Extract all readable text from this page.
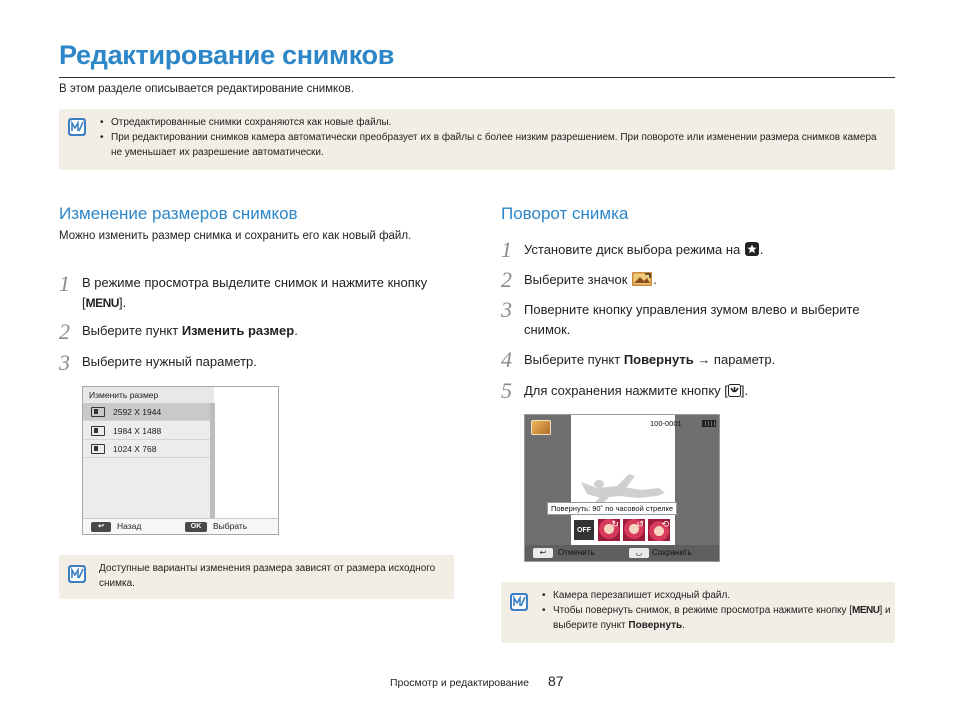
Редактирование снимков
В этом разделе описывается редактирование снимков.
• Отредактированные снимки сохраняются как новые файлы.
• При редактировании снимков камера автоматически преобразует их в файлы с более низким разрешением. При повороте или изменении размера снимков камера не уменьшает их разрешение автоматически.
Изменение размеров снимков
Можно изменить размер снимка и сохранить его как новый файл.
1 В режиме просмотра выделите снимок и нажмите кнопку [MENU].
2 Выберите пункт Изменить размер.
3 Выберите нужный параметр.
Изменить размер
2592 X 1944
1984 X 1488
1024 X 768
↩	Назад	OK	Выбрать

Доступные варианты изменения размера зависят от размера исходного снимка.

Поворот снимка
1 Установите диск выбора режима на .
2 Выберите значок .
3 Поверните кнопку управления зумом влево и выберите снимок.
4 Выберите пункт Повернуть → параметр.
5 Для сохранения нажмите кнопку [ ].
100-0001
Повернуть: 90˚ по часовой стрелке
OFF
↻ ↺ ⟲
↩	Отменить	◡	Сохранить
• Камера перезапишет исходный файл.
• Чтобы повернуть снимок, в режиме просмотра нажмите кнопку [MENU] и выберите пункт Повернуть.
Просмотр и редактирование 87
